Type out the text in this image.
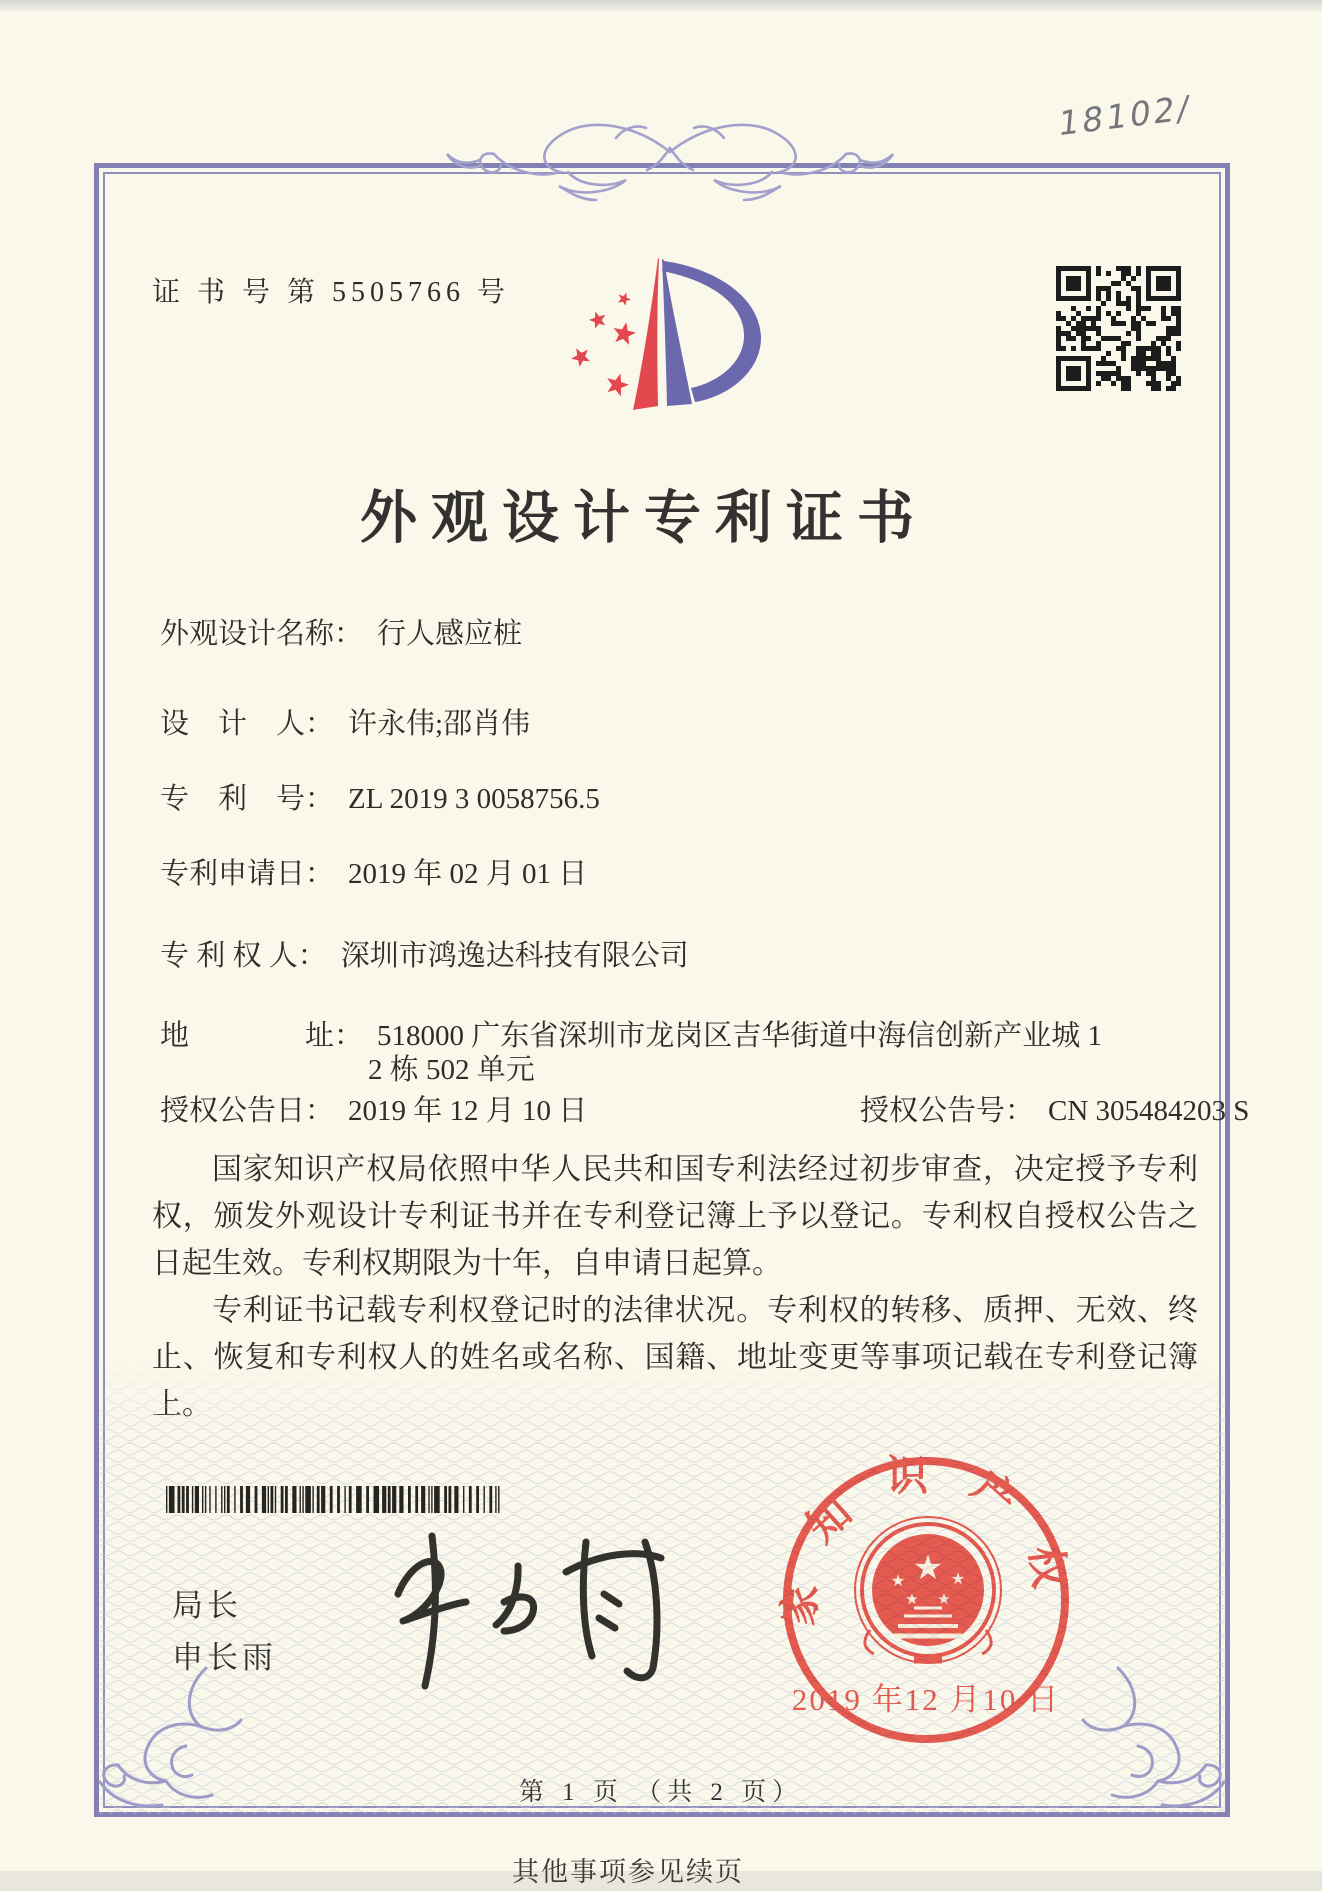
18102/
证 书 号 第 5505766 号
外观设计专利证书
外观设计名称： 行人感应桩
设　计　人： 许永伟;邵肖伟
专　利　号： ZL 2019 3 0058756.5
专利申请日： 2019 年 02 月 01 日
专 利 权 人： 深圳市鸿逸达科技有限公司
地　　　　址： 518000 广东省深圳市龙岗区吉华街道中海信创新产业城 1
2 栋 502 单元
授权公告日： 2019 年 12 月 10 日	授权公告号： CN 305484203 S

国家知识产权局依照中华人民共和国专利法经过初步审查，决定授予专利权，颁发外观设计专利证书并在专利登记簿上予以登记。专利权自授权公告之日起生效。专利权期限为十年，自申请日起算。

专利证书记载专利权登记时的法律状况。专利权的转移、质押、无效、终止、恢复和专利权人的姓名或名称、国籍、地址变更等事项记载在专利登记簿上。

局长
申长雨
国家知识产权局
★
★	★
★ ★
2019 年12 月10 日
第 1 页 （共 2 页）
其他事项参见续页
